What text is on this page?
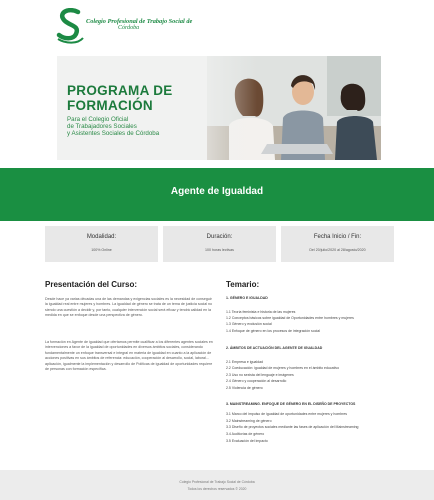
Colegio Profesional de Trabajo Social de
Córdoba
PROGRAMA DE
FORMACIÓN
Para el Colegio Oficial
de Trabajadores Sociales
y Asistentes Sociales de Córdoba
Agente de Igualdad
Modalidad:
100% Online
Duración:
100 horas lectivas
Fecha Inicio / Fin:
Del 20/julio/2020 al 28/agosto/2020
Presentación del Curso:

Desde hace ya varias décadas una de las demandas y exigencias sociales es la necesidad de conseguir la igualdad real entre mujeres y hombres. La igualdad de género se trata de un tema de justicia social no siendo una cuestión a decidir y, por tanto, cualquier intervención social será eficaz y tendrá calidad en la medida en que se enfoque desde una perspectiva de género.

La formación en Agente de igualdad que ofertamos permite cualificar a los diferentes agentes sociales en intervenciones a favor de la igualdad de oportunidades en diversos ámbitos sociales, considerando fundamentalmente un enfoque transversal e integral en materia de igualdad en cuanto a la aplicación de acciones positivas en sus ámbitos de referencia: educación, cooperación al desarrollo, social, laboral... aplicación, igualmente la implementación y desarrollo de Políticas de igualdad de oportunidades requiere de personas con formación específica.

Temario:
1. GÉNERO E IGUALDAD
1.1 Teoría feminista e historia de las mujeres
1.2 Conceptos básicos sobre igualdad de Oportunidades entre hombres y mujeres
1.3 Género y exclusión social
1.4 Enfoque de género en los procesos de integración social
2. ÁMBITOS DE ACTUACIÓN DEL AGENTE DE IGUALDAD
2.1 Empresa e igualdad
2.2 Coeducación: igualdad de mujeres y hombres en el ámbito educativo
2.3 Uso no sexista del lenguaje e imágenes
2.4 Género y cooperación al desarrollo
2.5 Violencia de género
3. MAINSTREAMING. ENFOQUE DE GÉNERO EN EL DISEÑO DE PROYECTOS
3.1 Marco del impulso de igualdad de oportunidades entre mujeres y hombres
3.2 Mainstreaming de género
3.3 Diseño de proyectos sociales mediante las fases de aplicación del Mainstreaming
3.4 Auditorías de género
3.5 Evaluación del impacto
Colegio Profesional de Trabajo Social de Córdoba
Todos los derechos reservados © 2020
